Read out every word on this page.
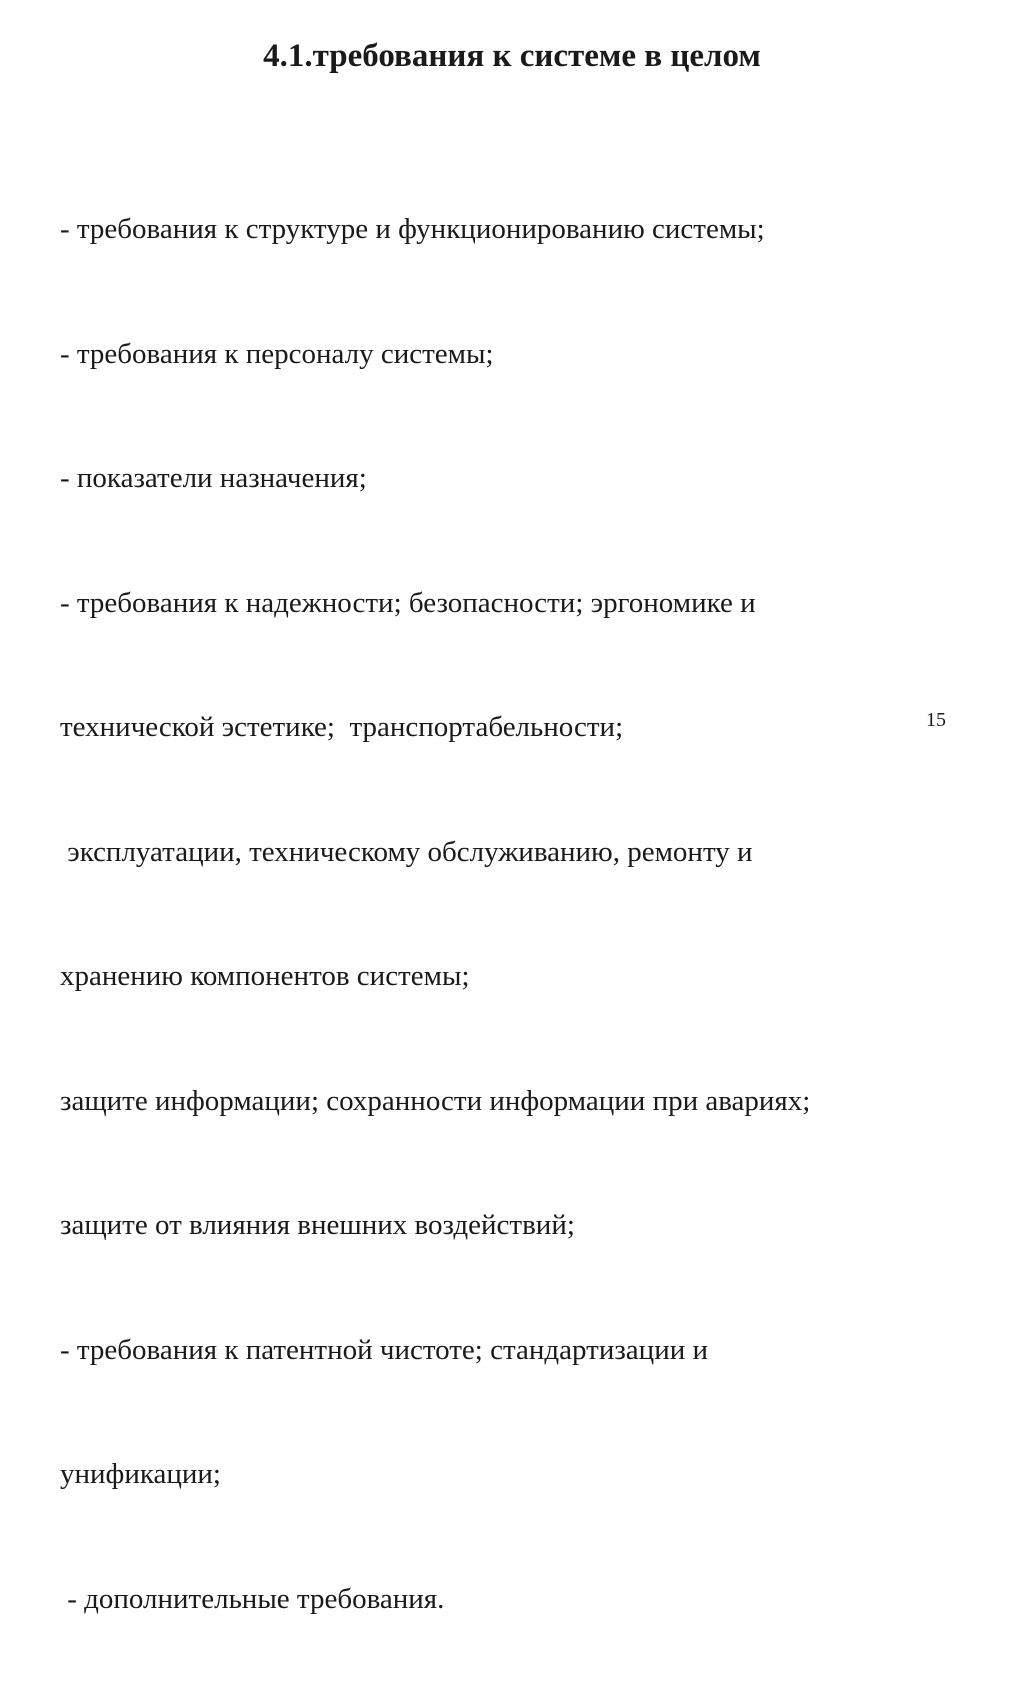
4.1.требования к системе в целом

- требования к структуре и функционированию системы;

- требования к персоналу системы;

- показатели назначения;

- требования к надежности; безопасности; эргономике и

технической эстетике;  транспортабельности;

эксплуатации, техническому обслуживанию, ремонту и

хранению компонентов системы;

защите информации; сохранности информации при авариях;

защите от влияния внешних воздействий;

- требования к патентной чистоте; стандартизации и

унификации;

- дополнительные требования.

15
